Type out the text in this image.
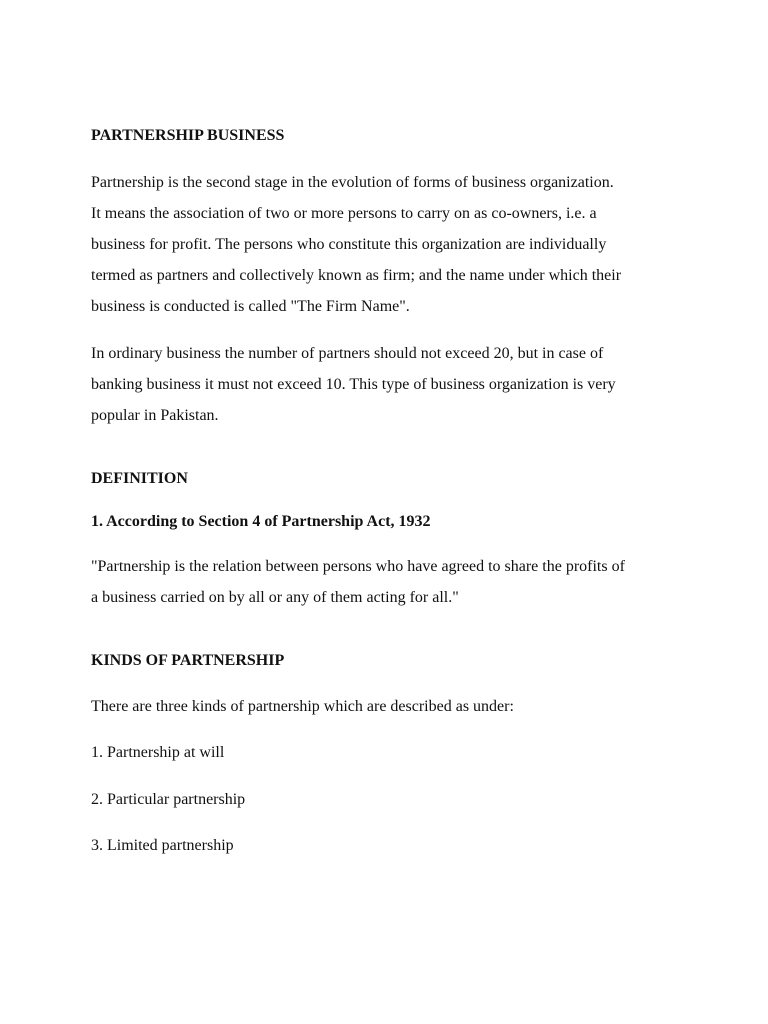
PARTNERSHIP BUSINESS
Partnership is the second stage in the evolution of forms of business organization.
It means the association of two or more persons to carry on as co-owners, i.e. a
business for profit. The persons who constitute this organization are individually
termed as partners and collectively known as firm; and the name under which their
business is conducted is called "The Firm Name".
In ordinary business the number of partners should not exceed 20, but in case of
banking business it must not exceed 10. This type of business organization is very
popular in Pakistan.
DEFINITION
1. According to Section 4 of Partnership Act, 1932
"Partnership is the relation between persons who have agreed to share the profits of
a business carried on by all or any of them acting for all."
KINDS OF PARTNERSHIP
There are three kinds of partnership which are described as under:
1. Partnership at will
2. Particular partnership
3. Limited partnership
